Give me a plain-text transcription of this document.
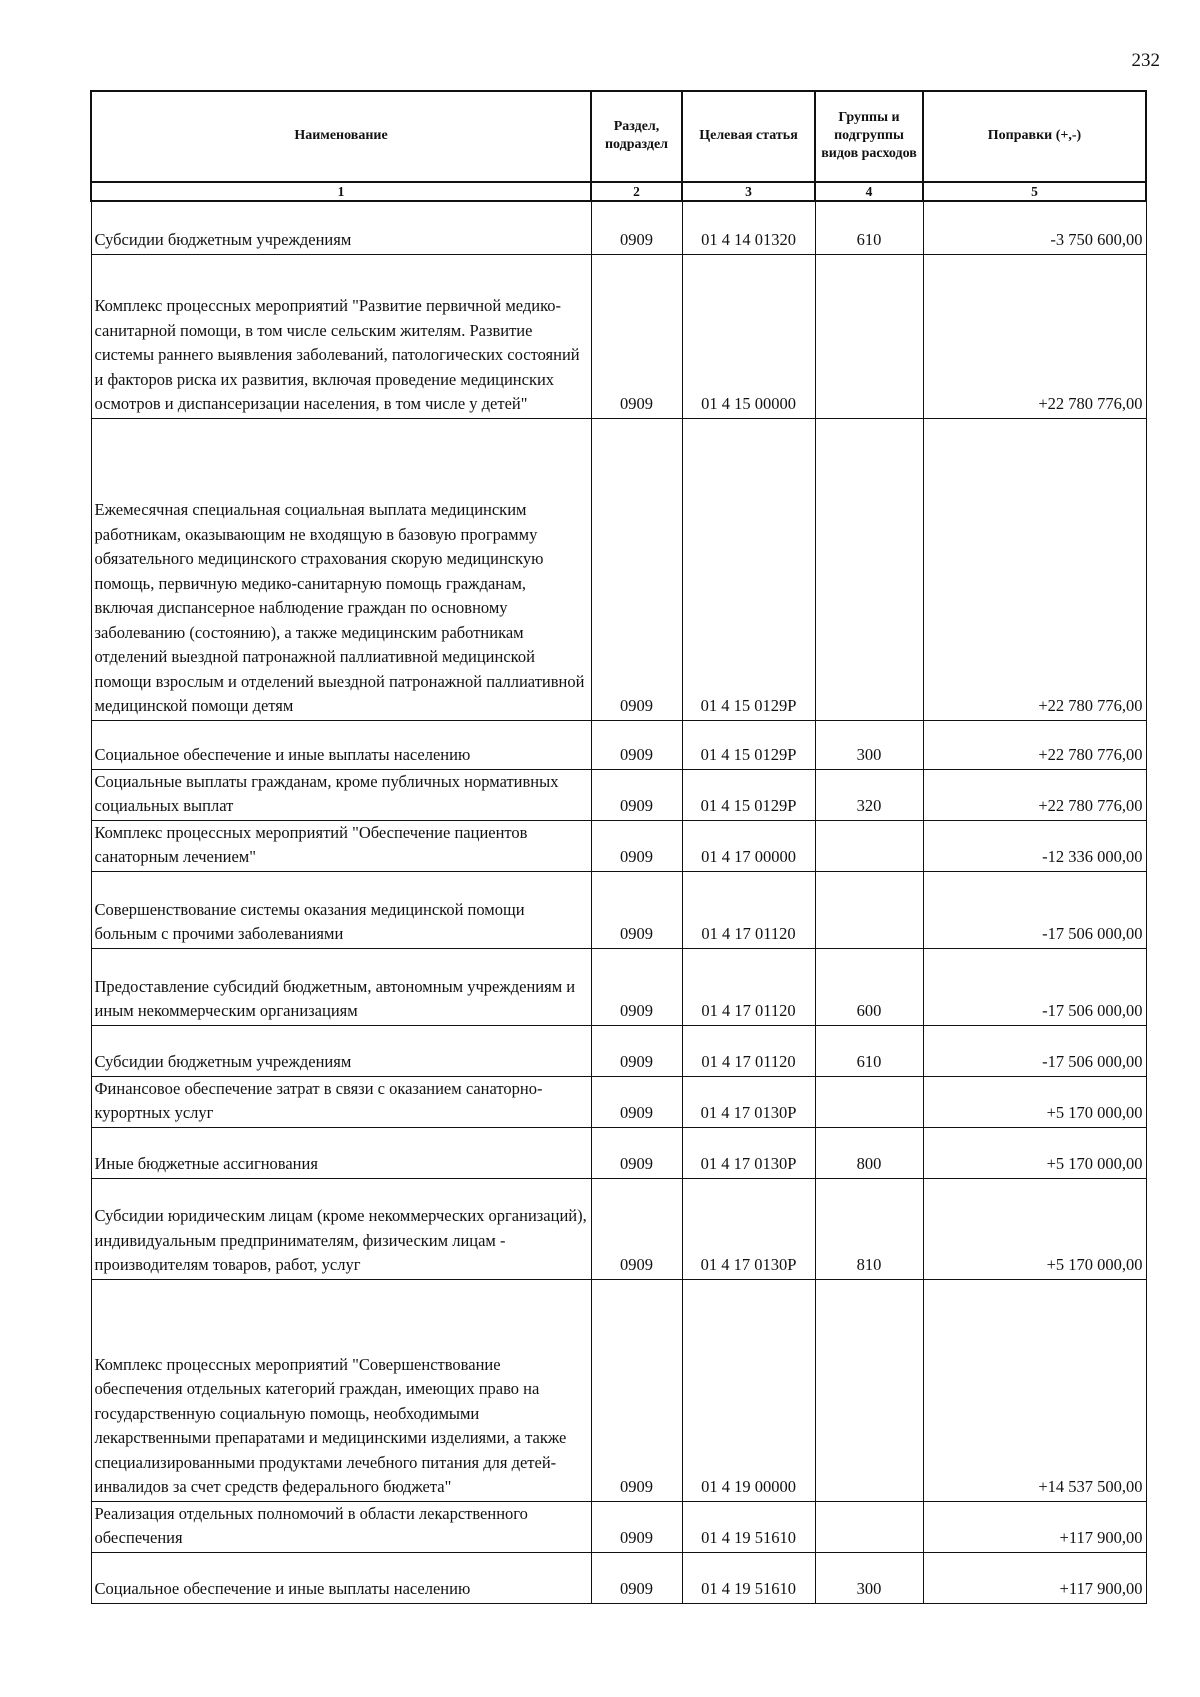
232
Наименование	Раздел, подраздел	Целевая статья	Группы и подгруппы видов расходов	Поправки (+,-)
1	2	3	4	5
Субсидии бюджетным учреждениям	0909	01 4 14 01320	610	-3 750 600,00
Комплекс процессных мероприятий "Развитие первичной медико-санитарной помощи, в том числе сельским жителям. Развитие системы раннего выявления заболеваний, патологических состояний и факторов риска их развития, включая проведение медицинских осмотров и диспансеризации населения, в том числе у детей"	0909	01 4 15 00000		+22 780 776,00
Ежемесячная специальная социальная выплата медицинским работникам, оказывающим не входящую в базовую программу обязательного медицинского страхования скорую медицинскую помощь, первичную медико-санитарную помощь гражданам, включая диспансерное наблюдение граждан по основному заболеванию (состоянию), а также медицинским работникам отделений выездной патронажной паллиативной медицинской помощи взрослым и отделений выездной патронажной паллиативной медицинской помощи детям	0909	01 4 15 0129Р		+22 780 776,00
Социальное обеспечение и иные выплаты населению	0909	01 4 15 0129Р	300	+22 780 776,00
Социальные выплаты гражданам, кроме публичных нормативных социальных выплат	0909	01 4 15 0129Р	320	+22 780 776,00
Комплекс процессных мероприятий "Обеспечение пациентов санаторным лечением"	0909	01 4 17 00000		-12 336 000,00
Совершенствование системы оказания медицинской помощи больным с прочими заболеваниями	0909	01 4 17 01120		-17 506 000,00
Предоставление субсидий бюджетным, автономным учреждениям и иным некоммерческим организациям	0909	01 4 17 01120	600	-17 506 000,00
Субсидии бюджетным учреждениям	0909	01 4 17 01120	610	-17 506 000,00
Финансовое обеспечение затрат в связи с оказанием санаторно-курортных услуг	0909	01 4 17 0130Р		+5 170 000,00
Иные бюджетные ассигнования	0909	01 4 17 0130Р	800	+5 170 000,00
Субсидии юридическим лицам (кроме некоммерческих организаций), индивидуальным предпринимателям, физическим лицам - производителям товаров, работ, услуг	0909	01 4 17 0130Р	810	+5 170 000,00
Комплекс процессных мероприятий "Совершенствование обеспечения отдельных категорий граждан, имеющих право на государственную социальную помощь, необходимыми лекарственными препаратами и медицинскими изделиями, а также специализированными продуктами лечебного питания для детей-инвалидов за счет средств федерального бюджета"	0909	01 4 19 00000		+14 537 500,00
Реализация отдельных полномочий в области лекарственного обеспечения	0909	01 4 19 51610		+117 900,00
Социальное обеспечение и иные выплаты населению	0909	01 4 19 51610	300	+117 900,00
